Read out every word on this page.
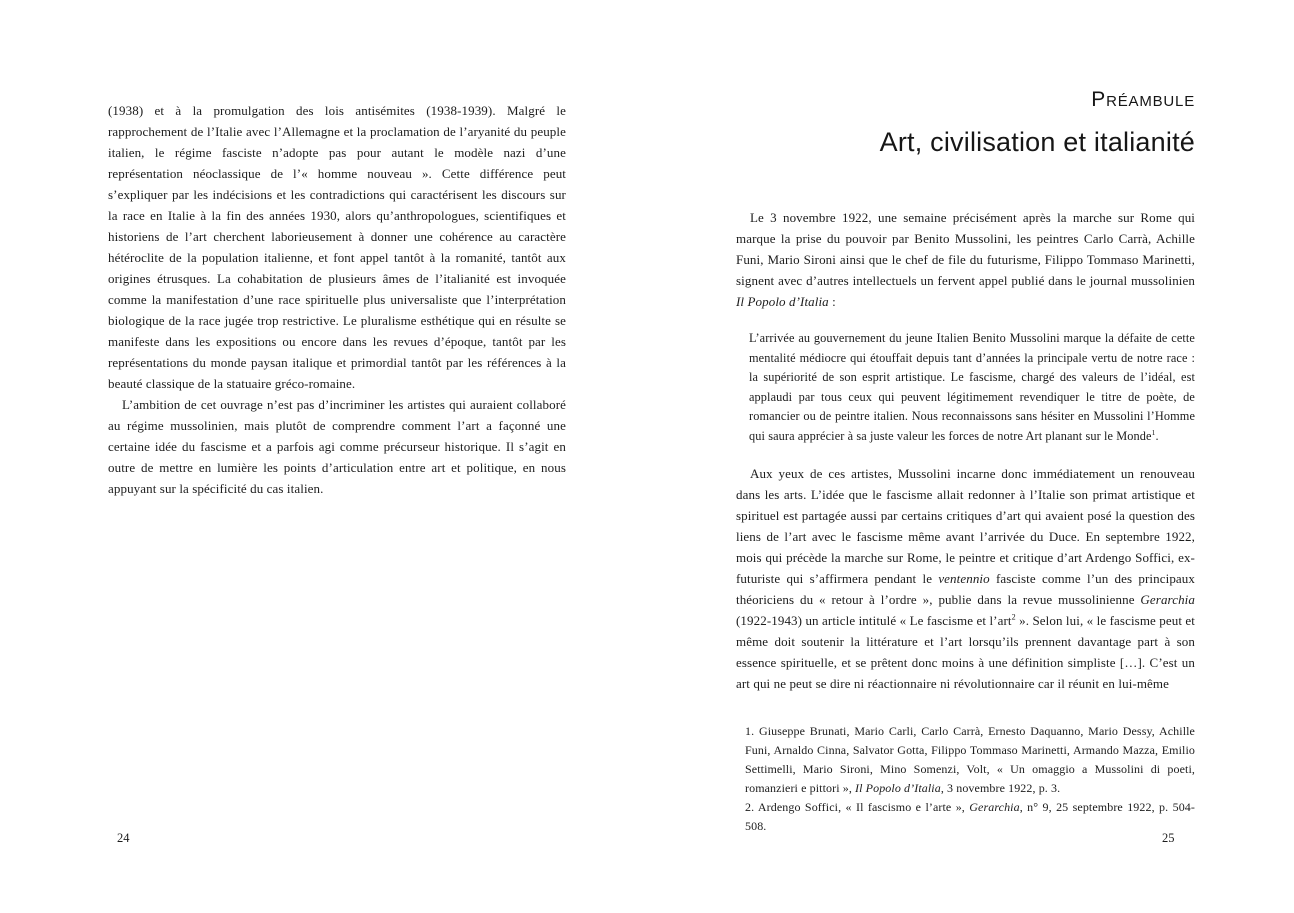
(1938) et à la promulgation des lois antisémites (1938-1939). Malgré le rapprochement de l’Italie avec l’Allemagne et la proclamation de l’aryanité du peuple italien, le régime fasciste n’adopte pas pour autant le modèle nazi d’une représentation néoclassique de l’« homme nouveau ». Cette différence peut s’expliquer par les indécisions et les contradictions qui caractérisent les discours sur la race en Italie à la fin des années 1930, alors qu’anthropologues, scientifiques et historiens de l’art cherchent laborieusement à donner une cohérence au caractère hétéroclite de la population italienne, et font appel tantôt à la romanité, tantôt aux origines étrusques. La cohabitation de plusieurs âmes de l’italianité est invoquée comme la manifestation d’une race spirituelle plus universaliste que l’interprétation biologique de la race jugée trop restrictive. Le pluralisme esthétique qui en résulte se manifeste dans les expositions ou encore dans les revues d’époque, tantôt par les représentations du monde paysan italique et primordial tantôt par les références à la beauté classique de la statuaire gréco-romaine.

L’ambition de cet ouvrage n’est pas d’incriminer les artistes qui auraient collaboré au régime mussolinien, mais plutôt de comprendre comment l’art a façonné une certaine idée du fascisme et a parfois agi comme précurseur historique. Il s’agit en outre de mettre en lumière les points d’articulation entre art et politique, en nous appuyant sur la spécificité du cas italien.

Préambule
Art, civilisation et italianité

Le 3 novembre 1922, une semaine précisément après la marche sur Rome qui marque la prise du pouvoir par Benito Mussolini, les peintres Carlo Carrà, Achille Funi, Mario Sironi ainsi que le chef de file du futurisme, Filippo Tommaso Marinetti, signent avec d’autres intellectuels un fervent appel publié dans le journal mussolinien Il Popolo d’Italia :

L’arrivée au gouvernement du jeune Italien Benito Mussolini marque la défaite de cette mentalité médiocre qui étouffait depuis tant d’années la principale vertu de notre race : la supériorité de son esprit artistique. Le fascisme, chargé des valeurs de l’idéal, est applaudi par tous ceux qui peuvent légitimement revendiquer le titre de poète, de romancier ou de peintre italien. Nous reconnaissons sans hésiter en Mussolini l’Homme qui saura apprécier à sa juste valeur les forces de notre Art planant sur le Monde$^1$.

Aux yeux de ces artistes, Mussolini incarne donc immédiatement un renouveau dans les arts. L’idée que le fascisme allait redonner à l’Italie son primat artistique et spirituel est partagée aussi par certains critiques d’art qui avaient posé la question des liens de l’art avec le fascisme même avant l’arrivée du Duce. En septembre 1922, mois qui précède la marche sur Rome, le peintre et critique d’art Ardengo Soffici, ex-futuriste qui s’affirmera pendant le ventennio fasciste comme l’un des principaux théoriciens du « retour à l’ordre », publie dans la revue mussolinienne Gerarchia (1922-1943) un article intitulé « Le fascisme et l’art$^2$ ». Selon lui, « le fascisme peut et même doit soutenir la littérature et l’art lorsqu’ils prennent davantage part à son essence spirituelle, et se prêtent donc moins à une définition simpliste […]. C’est un art qui ne peut se dire ni réactionnaire ni révolutionnaire car il réunit en lui-même

1. Giuseppe Brunati, Mario Carli, Carlo Carrà, Ernesto Daquanno, Mario Dessy, Achille Funi, Arnaldo Cinna, Salvator Gotta, Filippo Tommaso Marinetti, Armando Mazza, Emilio Settimelli, Mario Sironi, Mino Somenzi, Volt, « Un omaggio a Mussolini di poeti, romanzieri e pittori », Il Popolo d’Italia, 3 novembre 1922, p. 3.

2. Ardengo Soffici, « Il fascismo e l’arte », Gerarchia, n° 9, 25 septembre 1922, p. 504-508.

24	25
